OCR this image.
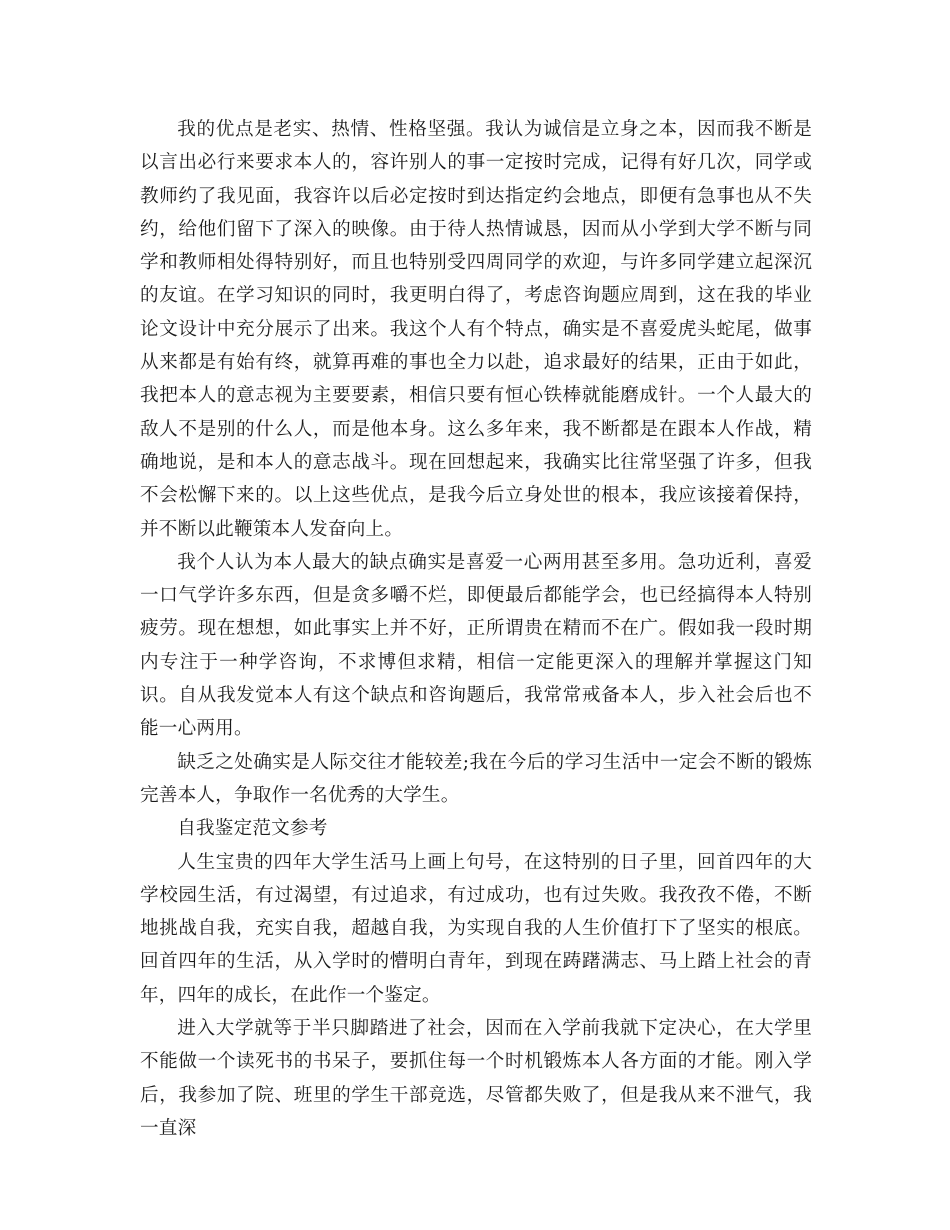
我的优点是老实、热情、性格坚强。我认为诚信是立身之本，因而我不断是以言出必行来要求本人的，容许别人的事一定按时完成，记得有好几次，同学或教师约了我见面，我容许以后必定按时到达指定约会地点，即便有急事也从不失约，给他们留下了深入的映像。由于待人热情诚恳，因而从小学到大学不断与同学和教师相处得特别好，而且也特别受四周同学的欢迎，与许多同学建立起深沉的友谊。在学习知识的同时，我更明白得了，考虑咨询题应周到，这在我的毕业论文设计中充分展示了出来。我这个人有个特点，确实是不喜爱虎头蛇尾，做事从来都是有始有终，就算再难的事也全力以赴，追求最好的结果，正由于如此，我把本人的意志视为主要要素，相信只要有恒心铁棒就能磨成针。一个人最大的敌人不是别的什么人，而是他本身。这么多年来，我不断都是在跟本人作战，精确地说，是和本人的意志战斗。现在回想起来，我确实比往常坚强了许多，但我不会松懈下来的。以上这些优点，是我今后立身处世的根本，我应该接着保持，并不断以此鞭策本人发奋向上。

我个人认为本人最大的缺点确实是喜爱一心两用甚至多用。急功近利，喜爱一口气学许多东西，但是贪多嚼不烂，即便最后都能学会，也已经搞得本人特别疲劳。现在想想，如此事实上并不好，正所谓贵在精而不在广。假如我一段时期内专注于一种学咨询，不求博但求精，相信一定能更深入的理解并掌握这门知识。自从我发觉本人有这个缺点和咨询题后，我常常戒备本人，步入社会后也不能一心两用。

缺乏之处确实是人际交往才能较差;我在今后的学习生活中一定会不断的锻炼完善本人，争取作一名优秀的大学生。

自我鉴定范文参考

人生宝贵的四年大学生活马上画上句号，在这特别的日子里，回首四年的大学校园生活，有过渴望，有过追求，有过成功，也有过失败。我孜孜不倦，不断地挑战自我，充实自我，超越自我，为实现自我的人生价值打下了坚实的根底。回首四年的生活，从入学时的懵明白青年，到现在踌躇满志、马上踏上社会的青年，四年的成长，在此作一个鉴定。

进入大学就等于半只脚踏进了社会，因而在入学前我就下定决心，在大学里不能做一个读死书的书呆子，要抓住每一个时机锻炼本人各方面的才能。刚入学后，我参加了院、班里的学生干部竞选，尽管都失败了，但是我从来不泄气，我一直深
